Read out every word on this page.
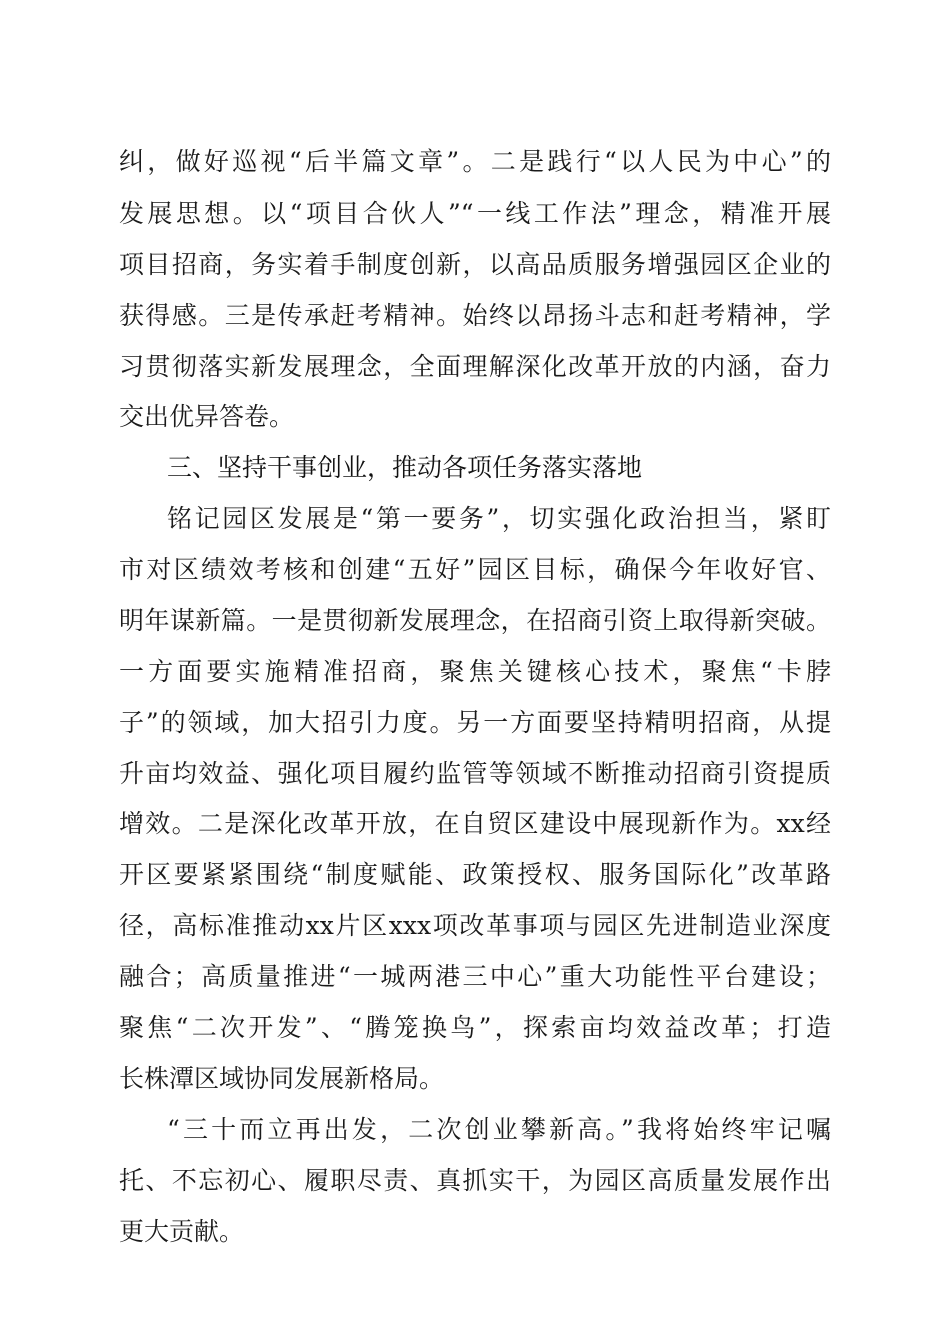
纠，做好巡视“后半篇文章”。二是践行“以人民为中心”的
发展思想。以“项目合伙人”“一线工作法”理念，精准开展
项目招商，务实着手制度创新，以高品质服务增强园区企业的
获得感。三是传承赶考精神。始终以昂扬斗志和赶考精神，学
习贯彻落实新发展理念，全面理解深化改革开放的内涵，奋力
交出优异答卷。
三、坚持干事创业，推动各项任务落实落地
铭记园区发展是“第一要务”，切实强化政治担当，紧盯
市对区绩效考核和创建“五好”园区目标，确保今年收好官、
明年谋新篇。一是贯彻新发展理念，在招商引资上取得新突破。
一方面要实施精准招商，聚焦关键核心技术，聚焦“卡脖
子”的领域，加大招引力度。另一方面要坚持精明招商，从提
升亩均效益、强化项目履约监管等领域不断推动招商引资提质
增效。二是深化改革开放，在自贸区建设中展现新作为。xx经
开区要紧紧围绕“制度赋能、政策授权、服务国际化”改革路
径，高标准推动xx片区xxx项改革事项与园区先进制造业深度
融合；高质量推进“一城两港三中心”重大功能性平台建设；
聚焦“二次开发”、“腾笼换鸟”，探索亩均效益改革；打造
长株潭区域协同发展新格局。
“三十而立再出发，二次创业攀新高。”我将始终牢记嘱
托、不忘初心、履职尽责、真抓实干，为园区高质量发展作出
更大贡献。
